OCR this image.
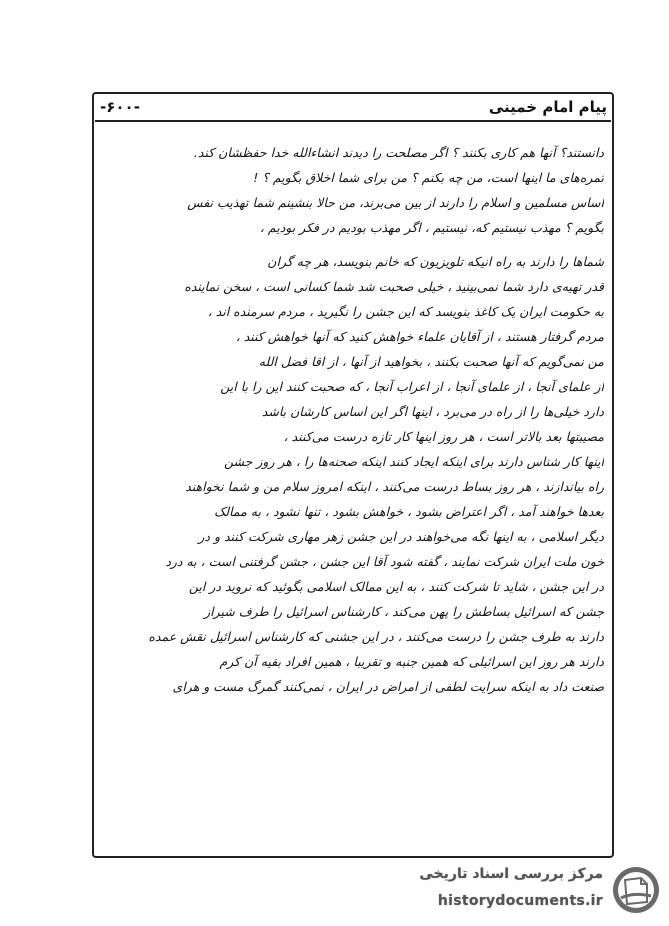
پیام امام خمینی
-۶۰۰-
دانستند؟ آنها هم کاری بکنند ؟ اگر مصلحت را دیدند انشاءالله خدا حفظشان کند.
ثمره‌های ما اینها است، من چه بکنم ؟ من برای شما اخلاق بگویم ؟ !
اساس مسلمین و اسلام را دارند از بین می‌برند، من حالا بنشینم شما تهذیب نفس
بگویم ؟ مهذب نیستیم که، نیستیم ، اگر مهذب بودیم در فکر بودیم ،
شما‌ها را دارند به راه انیکه تلویزیون که خانم بنویسد، هر چه گران
قدر تهیه‌ی دارد شما نمی‌بینید ، خیلی صحبت شد شما کسانی است ، سخن نماینده
به حکومت ایران یک کاغذ بنویسد که این جشن را نگیرید ، مردم سرمنده اند ،
مردم گرفتار هستند ، از آقایان علماء خواهش کنید که آنها خواهش کنند ،
من نمی‌گویم که آنها صحبت بکنند ، بخواهید از آنها ، از اقا فضل الله
از علمای آنجا ، از علمای آنجا ، از اعراب آنجا ، که صحبت کنند این را با این
دارد خیلی‌ها را از راه در می‌برد ، اینها اگر این اساس کارشان باشد
مصیبتها بعد بالاتر است ، هر روز اینها کار تازه درست می‌کنند ،
اینها کار شناس دارند برای اینکه ایجاد کنند اینکه صحنه‌ها را ، هر روز جشن
راه بیاندازند ، هر روز بساط درست می‌کنند ، اینکه امروز سلام من و شما نخواهند
بعدها خواهند آمد ، اگر اعتراض بشود ، خواهش بشود ، تنها نشود ، به ممالک
دیگر اسلامی ، به اینها نگه می‌خواهند در این جشن زهر مهاری شرکت کنند و در
خون ملت ایران شرکت نمایند ، گفته شود آقا این جشن ، جشن گرفتنی است ، به درد
در این جشن ، شاید تا شرکت کنند ، به این ممالک اسلامی بگوئید که نروید در این
جشن که اسرائیل بساطش را پهن می‌کند ، کارشناس اسرائیل را طرف شیراز
دارند به طرف جشن را درست می‌کنند ، در این جشنی که کارشناس اسرائیل نقش عمده
دارند هر روز این اسرائیلی که همین جنبه و تقریبا ، همین افراد بقیه آن کرم
صنعت داد به اینکه سرایت لطفی از امراض در ایران ، نمی‌کنند گمرگ مست و هرای
مرکز بررسی اسناد تاریخی
historydocuments.ir
